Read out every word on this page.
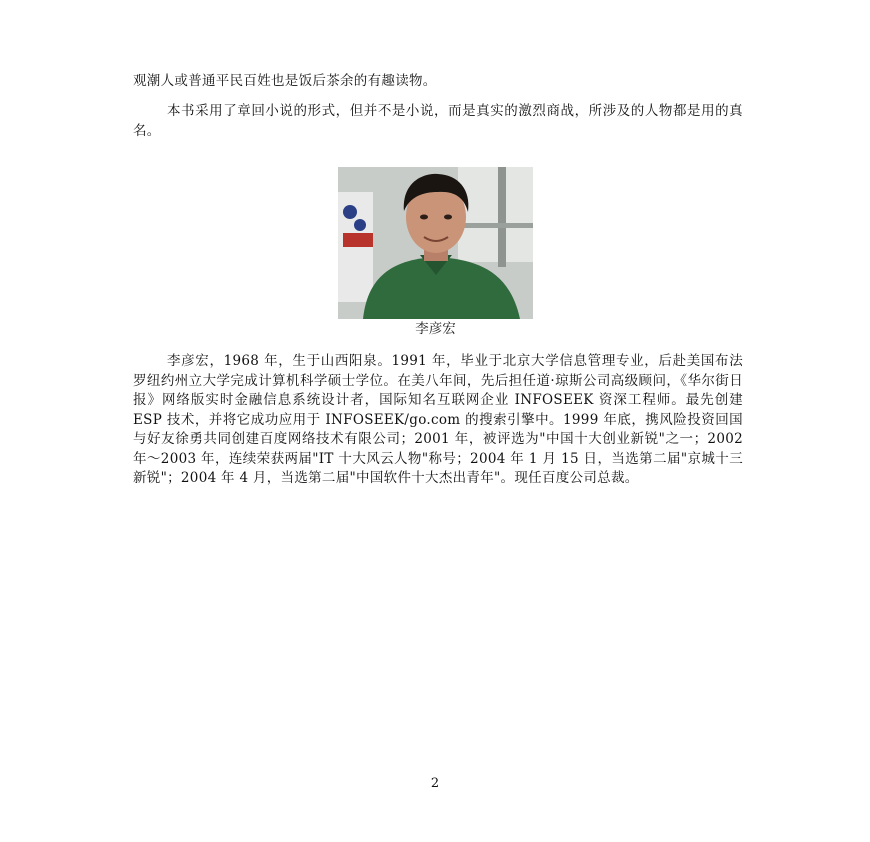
观潮人或普通平民百姓也是饭后茶余的有趣读物。

本书采用了章回小说的形式，但并不是小说，而是真实的激烈商战，所涉及的人物都是用的真名。

李彦宏

李彦宏，1968 年，生于山西阳泉。1991 年，毕业于北京大学信息管理专业，后赴美国布法罗纽约州立大学完成计算机科学硕士学位。在美八年间，先后担任道·琼斯公司高级顾问，《华尔街日报》网络版实时金融信息系统设计者，国际知名互联网企业 INFOSEEK 资深工程师。最先创建 ESP 技术，并将它成功应用于 INFOSEEK/go.com 的搜索引擎中。1999 年底，携风险投资回国与好友徐勇共同创建百度网络技术有限公司；2001 年，被评选为"中国十大创业新锐"之一；2002 年～2003 年，连续荣获两届"IT 十大风云人物"称号；2004 年 1 月 15 日，当选第二届"京城十三新锐"；2004 年 4 月，当选第二届"中国软件十大杰出青年"。现任百度公司总裁。

2
